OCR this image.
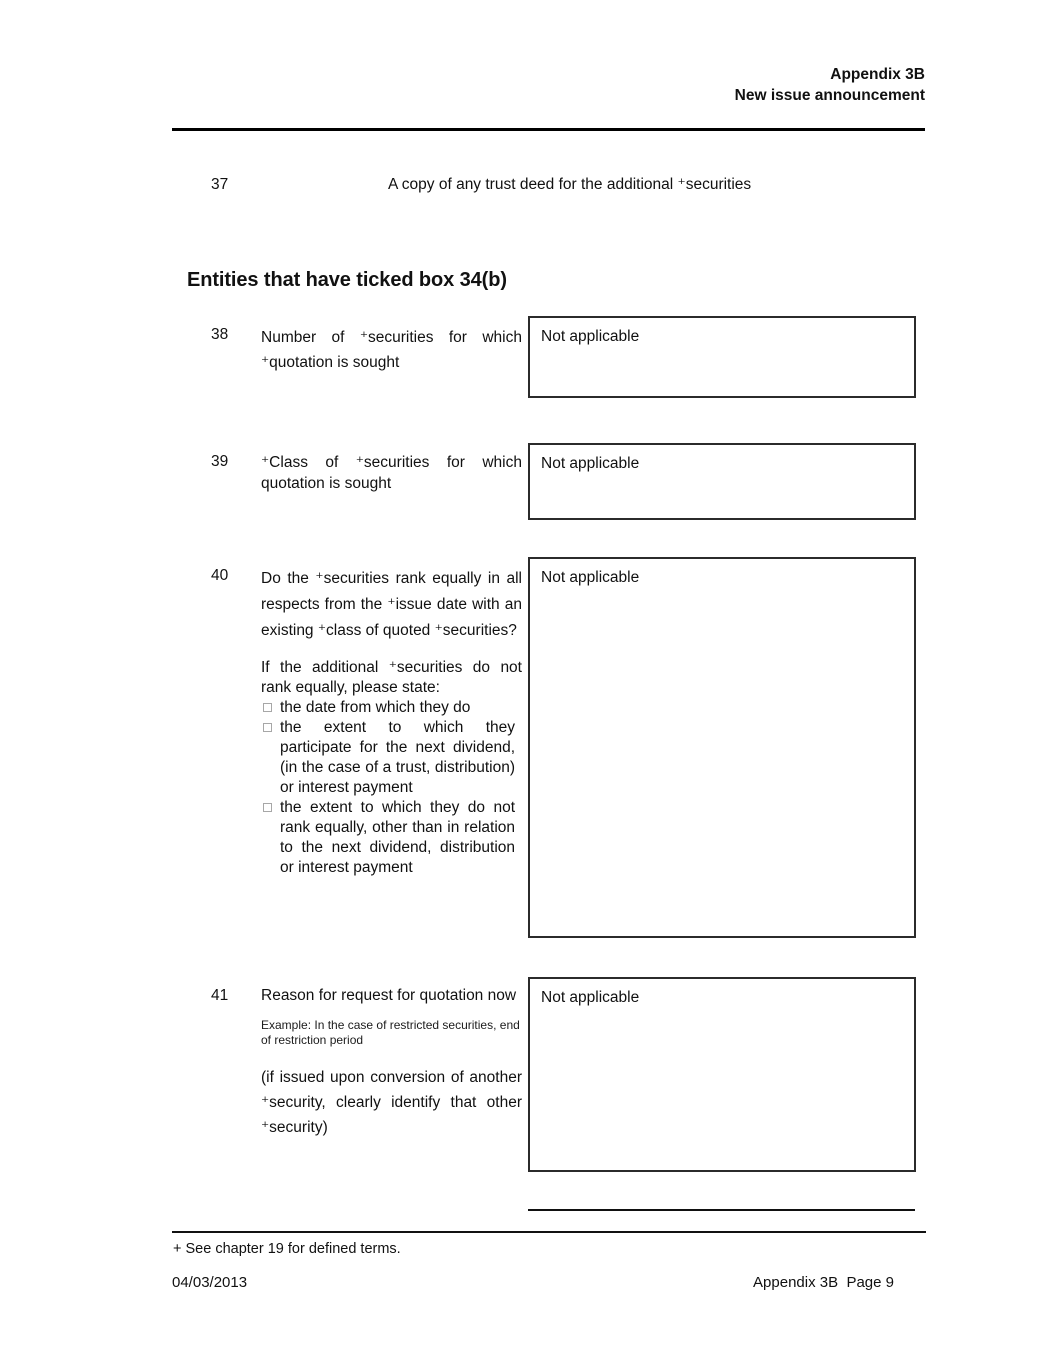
Appendix 3B
New issue announcement
37	A copy of any trust deed for the additional ⁺securities
Entities that have ticked box 34(b)
38	Number of ⁺securities for which ⁺quotation is sought
Not applicable
39	⁺Class of ⁺securities for which quotation is sought
Not applicable
40	Do the ⁺securities rank equally in all respects from the ⁺issue date with an existing ⁺class of quoted ⁺securities?

If the additional ⁺securities do not rank equally, please state:

the date from which they do
the extent to which they participate for the next dividend, (in the case of a trust, distribution) or interest payment
the extent to which they do not rank equally, other than in relation to the next dividend, distribution or interest payment
Not applicable
41	Reason for request for quotation now

Example: In the case of restricted securities, end of restriction period

(if issued upon conversion of another ⁺security, clearly identify that other ⁺security)

Not applicable
+ See chapter 19 for defined terms.
04/03/2013	Appendix 3B  Page 9
